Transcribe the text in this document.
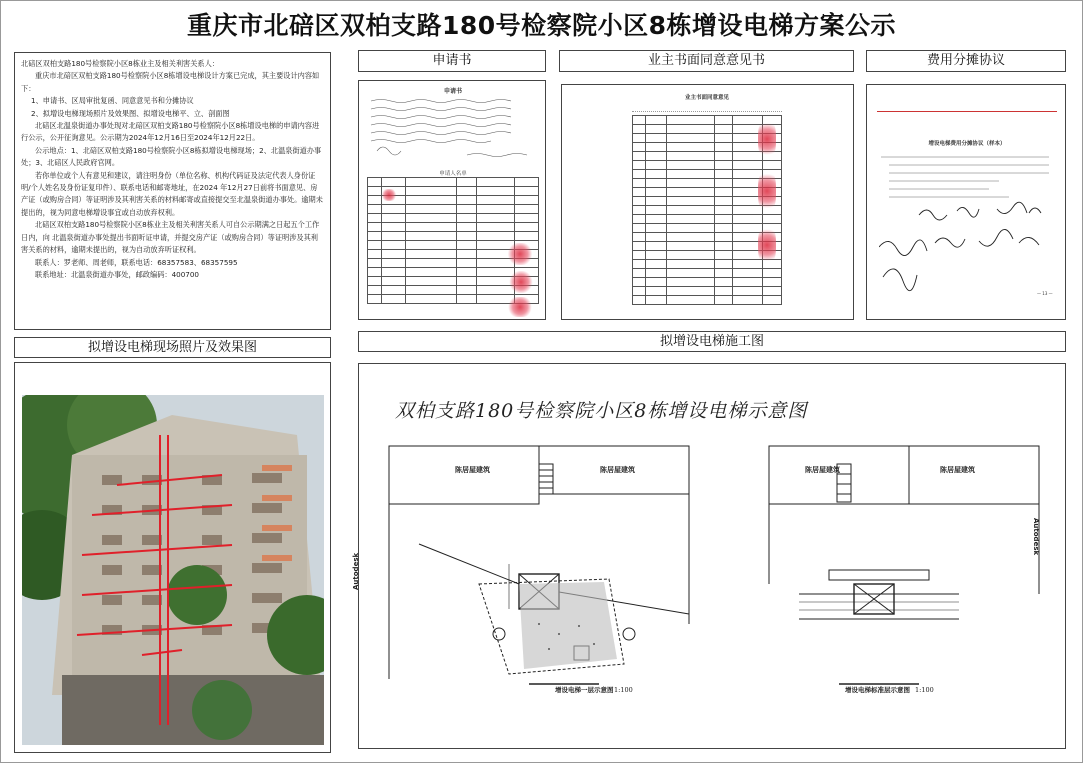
重庆市北碚区双柏支路180号检察院小区8栋增设电梯方案公示

北碚区双柏支路180号检察院小区8栋业主及相关利害关系人：

重庆市北碚区双柏支路180号检察院小区8栋增设电梯设计方案已完成，其主要设计内容如下：

1、申请书、区局审批复函、同意意见书和分摊协议

2、拟增设电梯现场照片及效果图、拟增设电梯平、立、剖面图

北碚区北温泉街道办事处现对北碚区双柏支路180号检察院小区8栋增设电梯的申请内容进行公示，公开征询意见。公示期为2024年12月16日至2024年12月22日。

公示地点：1、北碚区双柏支路180号检察院小区8栋拟增设电梯现场；2、北温泉街道办事处；3、北碚区人民政府官网。

若你单位或个人有意见和建议，请注明身份（单位名称、机构代码证及法定代表人身份证明/个人姓名及身份证复印件）、联系电话和邮寄地址，在2024 年12月27日前将书面意见、房产证（或购房合同）等证明涉及其利害关系的材料邮寄或直接提交至北温泉街道办事处。逾期未提出的，视为同意电梯增设事宜或自动放弃权利。

北碚区双柏支路180号检察院小区8栋业主及相关利害关系人可自公示期满之日起五个工作日内，向 北温泉街道办事处提出书面听证申请，并提交房产证（或购房合同）等证明涉及其利害关系的材料，逾期未提出的，视为自动放弃听证权利。

联系人：罗老师、周老师，联系电话：68357583、68357595

联系地址：北温泉街道办事处，邮政编码：400700

申请书	业主书面同意意见书	费用分摊协议
拟增设电梯现场照片及效果图	拟增设电梯施工图
申请书
申请人名单

业主书面同意意见

增设电梯费用分摊协议（样本）
— 13 —
双柏支路180号检察院小区8栋增设电梯示意图
陈居屋建筑	陈居屋建筑	陈居屋建筑	陈居屋建筑
增设电梯一层示意图 1:100	增设电梯标准层示意图 1:100
Autodesk
Autodesk
